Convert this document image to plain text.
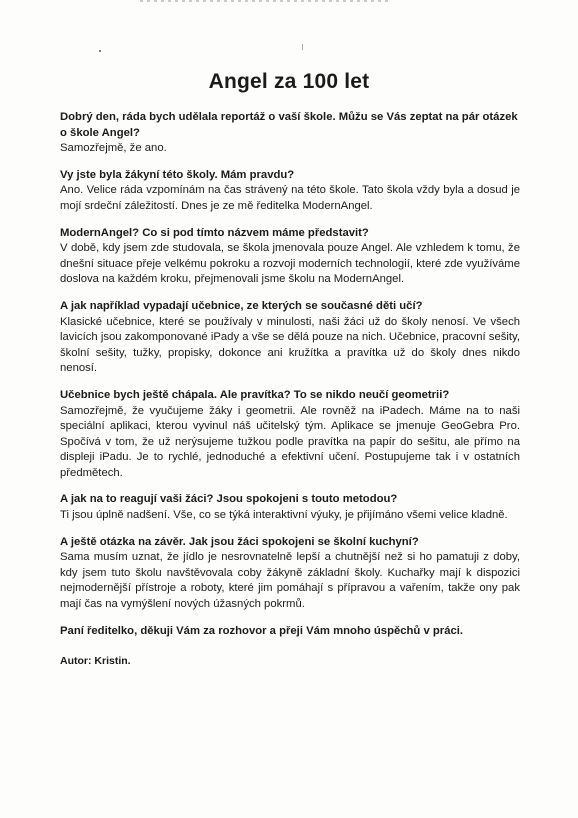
Angel za 100 let

Dobrý den, ráda bych udělala reportáž o vaší škole. Můžu se Vás zeptat na pár otázek o škole Angel?

Samozřejmě, že ano.

Vy jste byla žákyní této školy. Mám pravdu?

Ano. Velice ráda vzpomínám na čas strávený na této škole. Tato škola vždy byla a dosud je mojí srdeční záležitostí. Dnes je ze mě ředitelka ModernAngel.

ModernAngel? Co si pod tímto názvem máme představit?

V době, kdy jsem zde studovala, se škola jmenovala pouze Angel. Ale vzhledem k tomu, že dnešní situace přeje velkému pokroku a rozvoji moderních technologií, které zde využíváme doslova na každém kroku, přejmenovali jsme školu na ModernAngel.

A jak například vypadají učebnice, ze kterých se současné děti učí?

Klasické učebnice, které se používaly v minulosti, naši žáci už do školy nenosí. Ve všech lavicích jsou zakomponované iPady a vše se dělá pouze na nich. Učebnice, pracovní sešity, školní sešity, tužky, propisky, dokonce ani kružítka a pravítka už do školy dnes nikdo nenosí.

Učebnice bych ještě chápala. Ale pravítka? To se nikdo neučí geometrii?

Samozřejmě, že vyučujeme žáky i geometrii. Ale rovněž na iPadech. Máme na to naši speciální aplikaci, kterou vyvinul náš učitelský tým. Aplikace se jmenuje GeoGebra Pro. Spočívá v tom, že už nerýsujeme tužkou podle pravítka na papír do sešitu, ale přímo na displeji iPadu. Je to rychlé, jednoduché a efektivní učení. Postupujeme tak i v ostatních předmětech.

A jak na to reagují vaši žáci? Jsou spokojeni s touto metodou?

Ti jsou úplně nadšení. Vše, co se týká interaktivní výuky, je přijímáno všemi velice kladně.

A ještě otázka na závěr. Jak jsou žáci spokojeni se školní kuchyní?

Sama musím uznat, že jídlo je nesrovnatelně lepší a chutnější než si ho pamatuji z doby, kdy jsem tuto školu navštěvovala coby žákyně základní školy. Kuchařky mají k dispozici nejmodernější přístroje a roboty, které jim pomáhají s přípravou a vařením, takže ony pak mají čas na vymýšlení nových úžasných pokrmů.

Paní ředitelko, děkuji Vám za rozhovor a přeji Vám mnoho úspěchů v práci.

Autor: Kristin.
